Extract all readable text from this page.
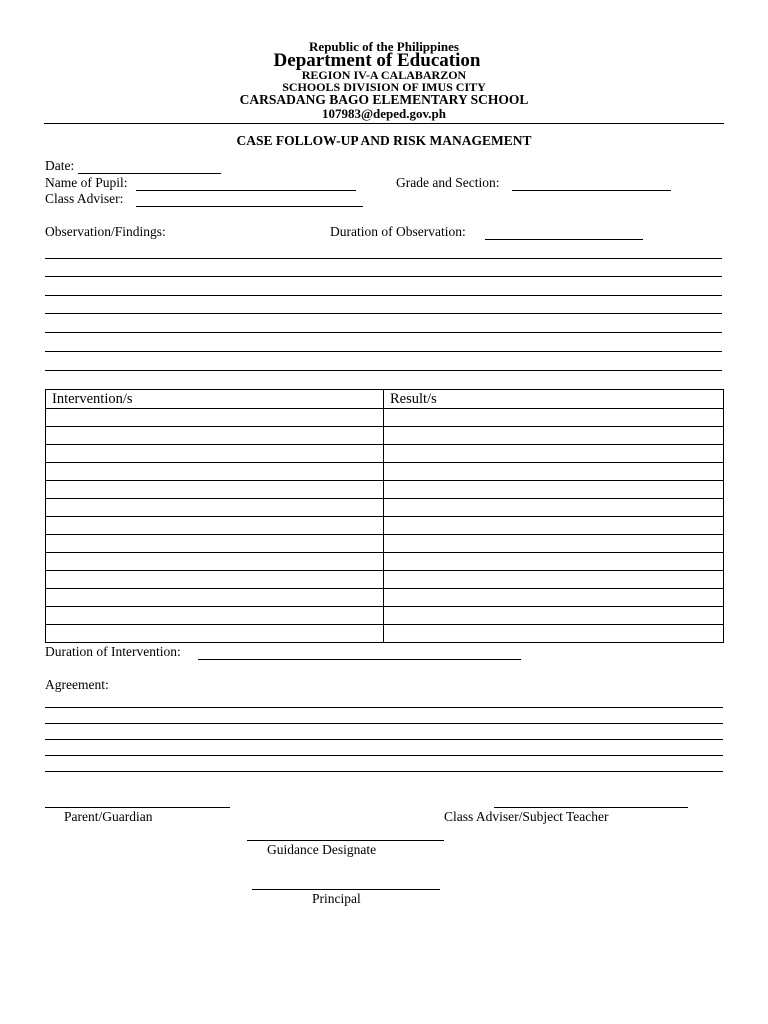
Republic of the Philippines
Department of Education
REGION IV-A CALABARZON
SCHOOLS DIVISION OF IMUS CITY
CARSADANG BAGO ELEMENTARY SCHOOL
107983@deped.gov.ph
CASE FOLLOW-UP AND RISK MANAGEMENT
Date:
Name of Pupil:	Grade and Section:
Class Adviser:
Observation/Findings:	Duration of Observation:
Intervention/s	Result/s

Duration of Intervention:
Agreement:
Parent/Guardian	Class Adviser/Subject Teacher
Guidance Designate
Principal
